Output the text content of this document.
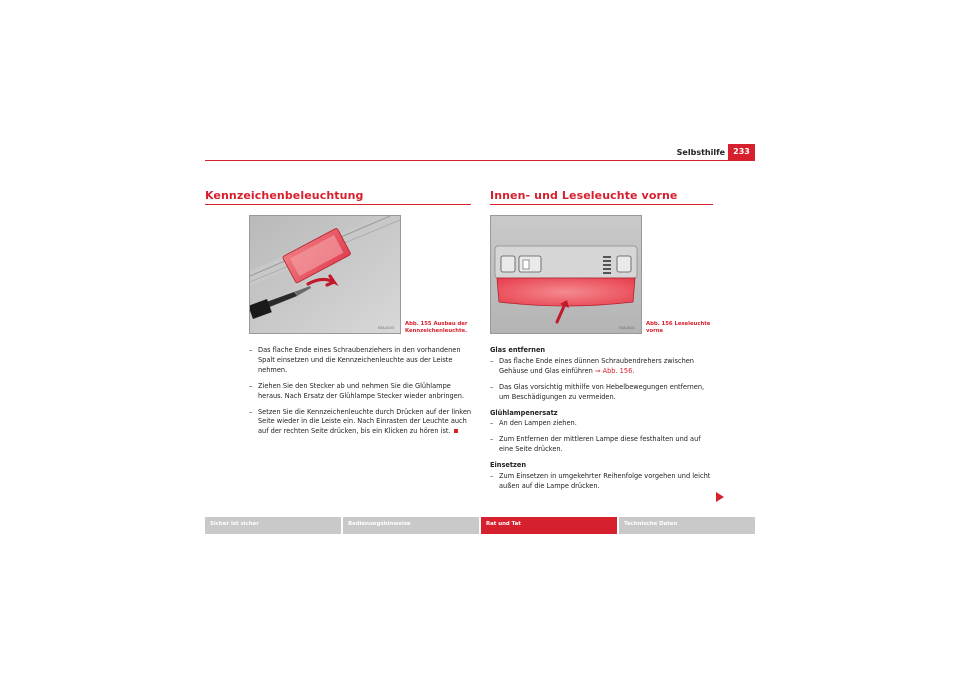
Selbsthilfe	233
Kennzeichenbeleuchtung
B5A-0153
Abb. 155 Ausbau der Kennzeichenleuchte.
– Das flache Ende eines Schraubenziehers in den vorhandenen Spalt einsetzen und die Kennzeichenleuchte aus der Leiste nehmen.
– Ziehen Sie den Stecker ab und nehmen Sie die Glühlampe heraus. Nach Ersatz der Glühlampe Stecker wieder anbringen.
– Setzen Sie die Kennzeichenleuchte durch Drücken auf der linken Seite wieder in die Leiste ein. Nach Einrasten der Leuchte auch auf der rechten Seite drücken, bis ein Klicken zu hören ist.
Innen- und Leseleuchte vorne
B5A-0031
Abb. 156 Leseleuchte vorne
Glas entfernen
– Das flache Ende eines dünnen Schraubendrehers zwischen Gehäuse und Glas einführen ⇒ Abb. 156.
– Das Glas vorsichtig mithilfe von Hebelbewegungen entfernen, um Beschädigungen zu vermeiden.
Glühlampenersatz
– An den Lampen ziehen.
– Zum Entfernen der mittleren Lampe diese festhalten und auf eine Seite drücken.
Einsetzen
– Zum Einsetzen in umgekehrter Reihenfolge vorgehen und leicht außen auf die Lampe drücken.
Sicher ist sicher	Bedienungshinweise	Rat und Tat	Technische Daten
